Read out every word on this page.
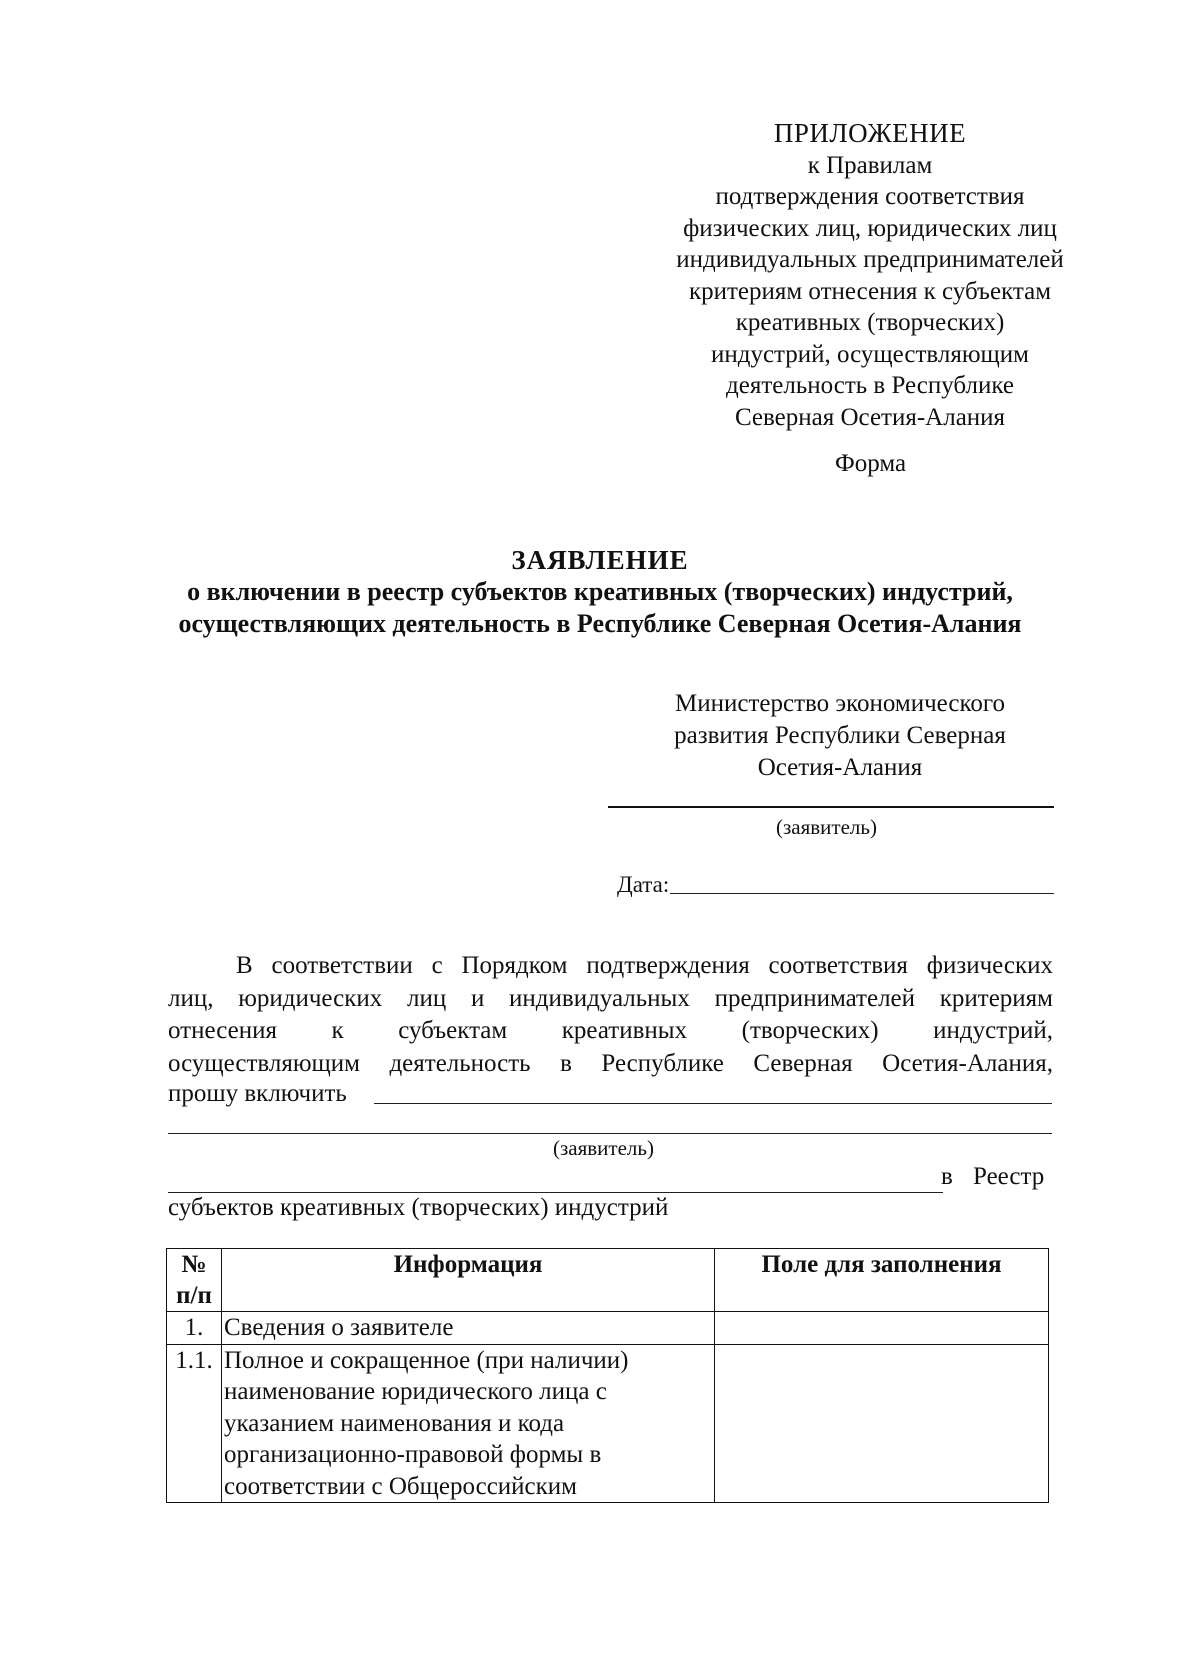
ПРИЛОЖЕНИЕ
к Правилам
подтверждения соответствия
физических лиц, юридических лиц
индивидуальных предпринимателей
критериям отнесения к субъектам
креативных (творческих)
индустрий, осуществляющим
деятельность в Республике
Северная Осетия-Алания
Форма
ЗАЯВЛЕНИЕ
о включении в реестр субъектов креативных (творческих) индустрий,
осуществляющих деятельность в Республике Северная Осетия-Алания
Министерство экономического
развития Республики Северная
Осетия-Алания
(заявитель)
Дата:

В соответствии с Порядком подтверждения соответствия физических

лиц, юридических лиц и индивидуальных предпринимателей критериям

отнесения к субъектам креативных (творческих) индустрий,

осуществляющим деятельность в Республике Северная Осетия-Алания,

прошу включить
(заявитель)
в Реестр
субъектов креативных (творческих) индустрий
№
п/п	Информация	Поле для заполнения
1.	Сведения о заявителе	

1.1.	Полное и сокращенное (при наличии)
наименование юридического лица с
указанием наименования и кода
организационно-правовой формы в
соответствии с Общероссийским	
